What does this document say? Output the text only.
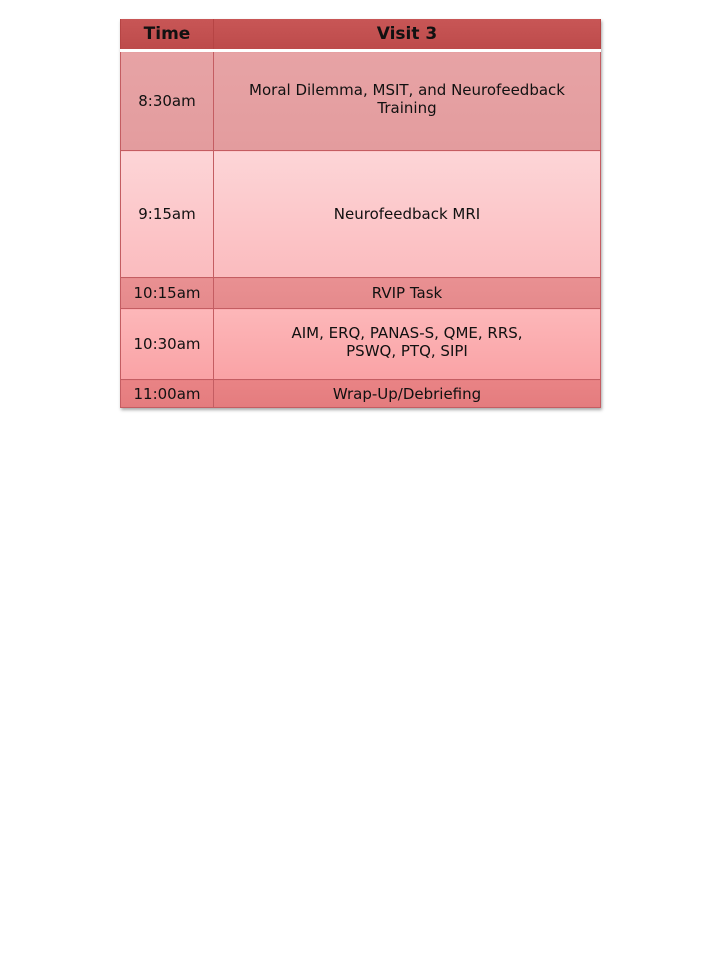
Time	Visit 3
8:30am	Moral Dilemma, MSIT, and Neurofeedback Training

9:15am	Neurofeedback MRI
10:15am	RVIP Task
10:30am	AIM, ERQ, PANAS-S, QME, RRS, PSWQ, PTQ, SIPI

11:00am	Wrap-Up/Debriefing
